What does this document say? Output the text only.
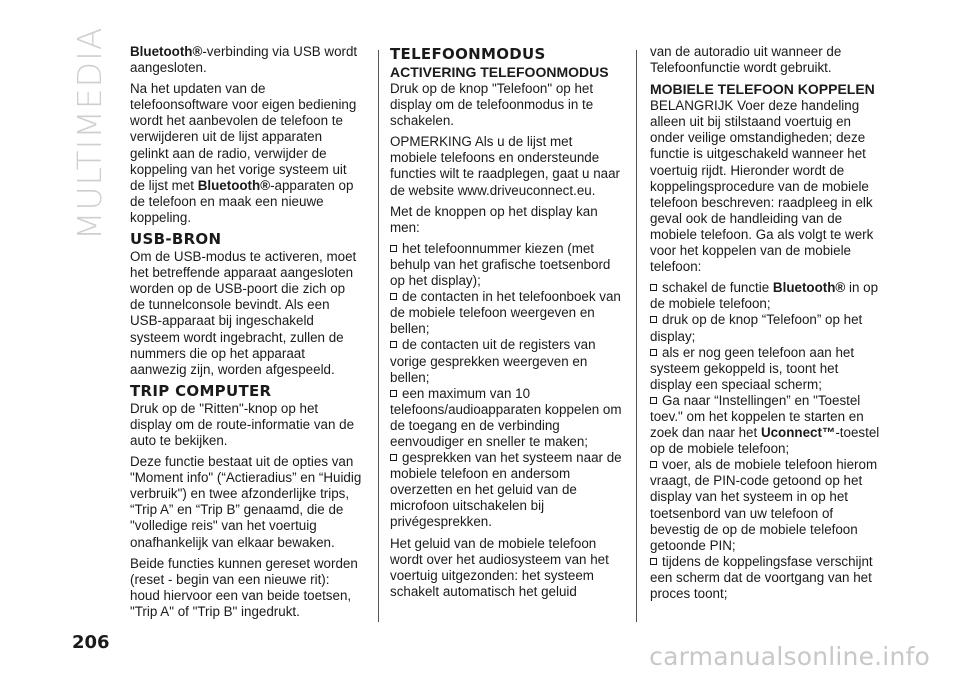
MULTIMEDIA Bluetooth®-verbinding via USB wordt aangesloten.

Na het updaten van de telefoonsoftware voor eigen bediening wordt het aanbevolen de telefoon te verwijderen uit de lijst apparaten gelinkt aan de radio, verwijder de koppeling van het vorige systeem uit de lijst met Bluetooth®-apparaten op de telefoon en maak een nieuwe koppeling.

USB-BRON

Om de USB-modus te activeren, moet het betreffende apparaat aangesloten worden op de USB-poort die zich op de tunnelconsole bevindt. Als een USB-apparaat bij ingeschakeld systeem wordt ingebracht, zullen de nummers die op het apparaat aanwezig zijn, worden afgespeeld.

TRIP COMPUTER

Druk op de "Ritten"-knop op het display om de route-informatie van de auto te bekijken.

Deze functie bestaat uit de opties van "Moment info" (“Actieradius” en “Huidig verbruik") en twee afzonderlijke trips, “Trip A” en “Trip B” genaamd, die de "volledige reis" van het voertuig onafhankelijk van elkaar bewaken.

Beide functies kunnen gereset worden (reset - begin van een nieuwe rit): houd hiervoor een van beide toetsen, "Trip A" of "Trip B" ingedrukt.

TELEFOONMODUS
ACTIVERING TELEFOONMODUS

Druk op de knop "Telefoon" op het display om de telefoonmodus in te schakelen.

OPMERKING Als u de lijst met mobiele telefoons en ondersteunde functies wilt te raadplegen, gaat u naar de website www.driveuconnect.eu.

Met de knoppen op het display kan men:

het telefoonnummer kiezen (met behulp van het grafische toetsenbord op het display);

de contacten in het telefoonboek van de mobiele telefoon weergeven en bellen;

de contacten uit de registers van vorige gesprekken weergeven en bellen;

een maximum van 10 telefoons/audioapparaten koppelen om de toegang en de verbinding eenvoudiger en sneller te maken;

gesprekken van het systeem naar de mobiele telefoon en andersom overzetten en het geluid van de microfoon uitschakelen bij privégesprekken.

Het geluid van de mobiele telefoon wordt over het audiosysteem van het voertuig uitgezonden: het systeem schakelt automatisch het geluid

van de autoradio uit wanneer de Telefoonfunctie wordt gebruikt.

MOBIELE TELEFOON KOPPELEN

BELANGRIJK Voer deze handeling alleen uit bij stilstaand voertuig en onder veilige omstandigheden; deze functie is uitgeschakeld wanneer het voertuig rijdt. Hieronder wordt de koppelingsprocedure van de mobiele telefoon beschreven: raadpleeg in elk geval ook de handleiding van de mobiele telefoon. Ga als volgt te werk voor het koppelen van de mobiele telefoon:

schakel de functie Bluetooth® in op de mobiele telefoon;

druk op de knop “Telefoon” op het display;

als er nog geen telefoon aan het systeem gekoppeld is, toont het display een speciaal scherm;

Ga naar “Instellingen” en "Toestel toev." om het koppelen te starten en zoek dan naar het Uconnect™-toestel op de mobiele telefoon;

voer, als de mobiele telefoon hierom vraagt, de PIN-code getoond op het display van het systeem in op het toetsenbord van uw telefoon of bevestig de op de mobiele telefoon getoonde PIN;

tijdens de koppelingsfase verschijnt een scherm dat de voortgang van het proces toont;

206	carmanualsonline.info
